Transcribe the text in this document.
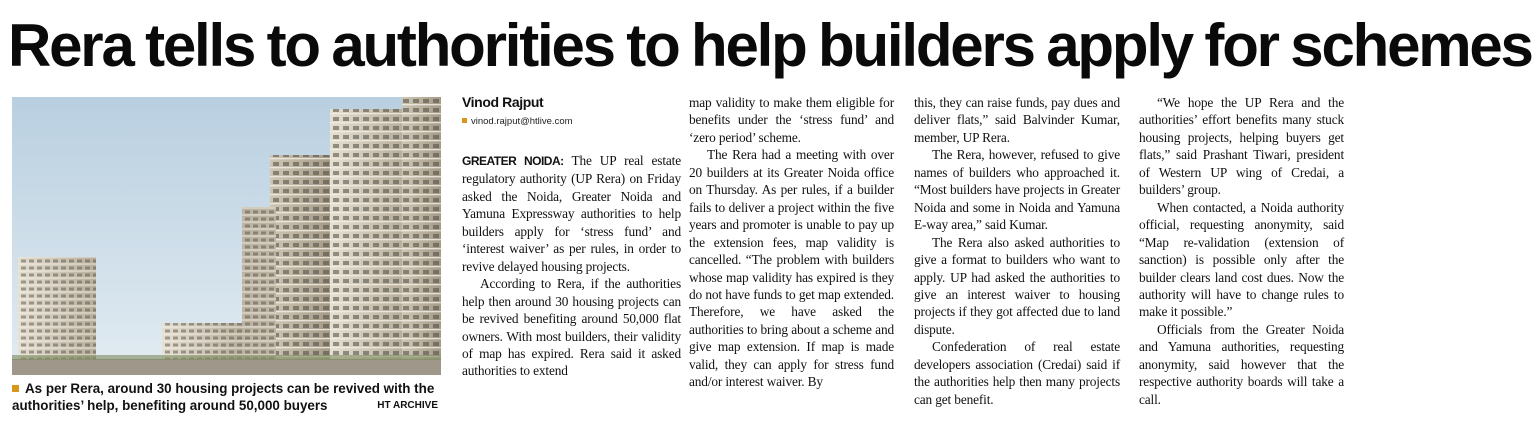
Rera tells to authorities to help builders apply for schemes
As per Rera, around 30 housing projects can be revived with the authorities’ help, benefiting around 50,000 buyers	HT ARCHIVE
Vinod Rajput
vinod.rajput@htlive.com

GREATER NOIDA: The UP real estate regulatory authority (UP Rera) on Friday asked the Noida, Greater Noida and Yamuna Expressway authorities to help builders apply for ‘stress fund’ and ‘interest waiver’ as per rules, in order to revive delayed housing projects.

According to Rera, if the authorities help then around 30 housing projects can be revived benefiting around 50,000 flat owners. With most builders, their validity of map has expired. Rera said it asked authorities to extend

map validity to make them eligible for benefits under the ‘stress fund’ and ‘zero period’ scheme.

The Rera had a meeting with over 20 builders at its Greater Noida office on Thursday. As per rules, if a builder fails to deliver a project within the five years and promoter is unable to pay up the extension fees, map validity is cancelled. “The problem with builders whose map validity has expired is they do not have funds to get map extended. Therefore, we have asked the authorities to bring about a scheme and give map extension. If map is made valid, they can apply for stress fund and/or interest waiver. By

this, they can raise funds, pay dues and deliver flats,” said Balvinder Kumar, member, UP Rera.

The Rera, however, refused to give names of builders who approached it. “Most builders have projects in Greater Noida and some in Noida and Yamuna E-way area,” said Kumar.

The Rera also asked authorities to give a format to builders who want to apply. UP had asked the authorities to give an interest waiver to housing projects if they got affected due to land dispute.

Confederation of real estate developers association (Credai) said if the authorities help then many projects can get benefit.

“We hope the UP Rera and the authorities’ effort benefits many stuck housing projects, helping buyers get flats,” said Prashant Tiwari, president of Western UP wing of Credai, a builders’ group.

When contacted, a Noida authority official, requesting anonymity, said “Map re-validation (extension of sanction) is possible only after the builder clears land cost dues. Now the authority will have to change rules to make it possible.”

Officials from the Greater Noida and Yamuna authorities, requesting anonymity, said however that the respective authority boards will take a call.
